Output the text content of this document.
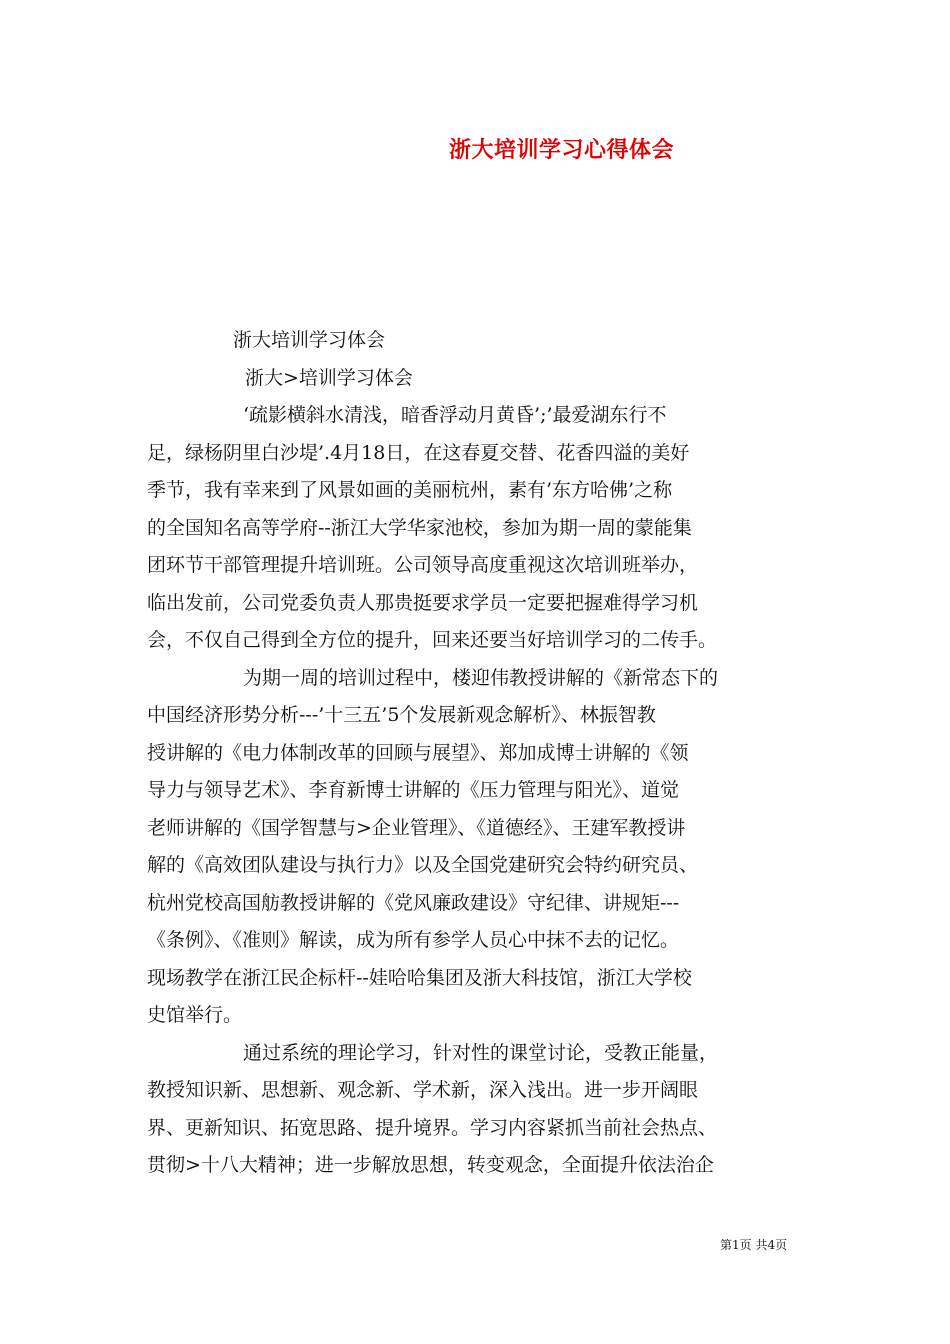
浙大培训学习心得体会
浙大培训学习体会
浙大>培训学习体会
‘疏影横斜水清浅，暗香浮动月黄昏’;’最爱湖东行不
足，绿杨阴里白沙堤’.4月18日，在这春夏交替、花香四溢的美好
季节，我有幸来到了风景如画的美丽杭州，素有’东方哈佛’之称
的全国知名高等学府--浙江大学华家池校，参加为期一周的蒙能集
团环节干部管理提升培训班。公司领导高度重视这次培训班举办，
临出发前，公司党委负责人那贵挺要求学员一定要把握难得学习机
会，不仅自己得到全方位的提升，回来还要当好培训学习的二传手。
为期一周的培训过程中，楼迎伟教授讲解的《新常态下的
中国经济形势分析---’十三五’5个发展新观念解析》、林振智教
授讲解的《电力体制改革的回顾与展望》、郑加成博士讲解的《领
导力与领导艺术》、李育新博士讲解的《压力管理与阳光》、道觉
老师讲解的《国学智慧与>企业管理》、《道德经》、王建军教授讲
解的《高效团队建设与执行力》以及全国党建研究会特约研究员、
杭州党校高国舫教授讲解的《党风廉政建设》守纪律、讲规矩---
《条例》、《准则》解读，成为所有参学人员心中抹不去的记忆。
现场教学在浙江民企标杆--娃哈哈集团及浙大科技馆，浙江大学校
史馆举行。
通过系统的理论学习，针对性的课堂讨论，受教正能量，
教授知识新、思想新、观念新、学术新，深入浅出。进一步开阔眼
界、更新知识、拓宽思路、提升境界。学习内容紧抓当前社会热点、
贯彻>十八大精神；进一步解放思想，转变观念，全面提升依法治企
第1页 共4页
